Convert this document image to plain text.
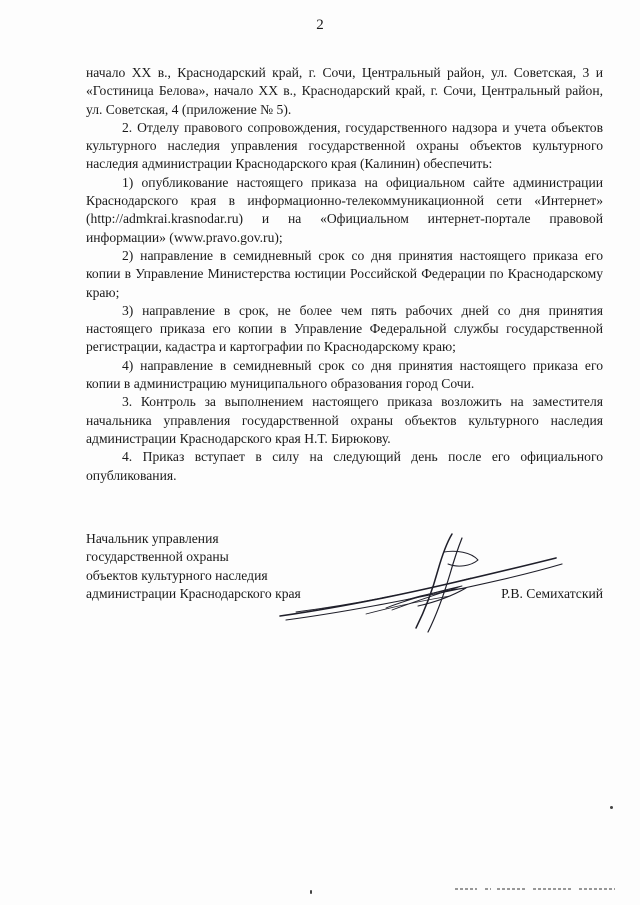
2

начало XX в., Краснодарский край, г. Сочи, Центральный район, ул. Советская, 3 и «Гостиница Белова», начало XX в., Краснодарский край, г. Сочи, Центральный район, ул. Советская, 4 (приложение № 5).

2. Отделу правового сопровождения, государственного надзора и учета объектов культурного наследия управления государственной охраны объектов культурного наследия администрации Краснодарского края (Калинин) обеспечить:

1) опубликование настоящего приказа на официальном сайте администрации Краснодарского края в информационно-телекоммуникационной сети «Интернет» (http://admkrai.krasnodar.ru) и на «Официальном интернет-портале правовой информации» (www.pravo.gov.ru);

2) направление в семидневный срок со дня принятия настоящего приказа его копии в Управление Министерства юстиции Российской Федерации по Краснодарскому краю;

3) направление в срок, не более чем пять рабочих дней со дня принятия настоящего приказа его копии в Управление Федеральной службы государственной регистрации, кадастра и картографии по Краснодарскому краю;

4) направление в семидневный срок со дня принятия настоящего приказа его копии в администрацию муниципального образования город Сочи.

3. Контроль за выполнением настоящего приказа возложить на заместителя начальника управления государственной охраны объектов культурного наследия администрации Краснодарского края Н.Т. Бирюкову.

4. Приказ вступает в силу на следующий день после его официального опубликования.

Начальник управления
государственной охраны
объектов культурного наследия
администрации Краснодарского края	Р.В. Семихатский
